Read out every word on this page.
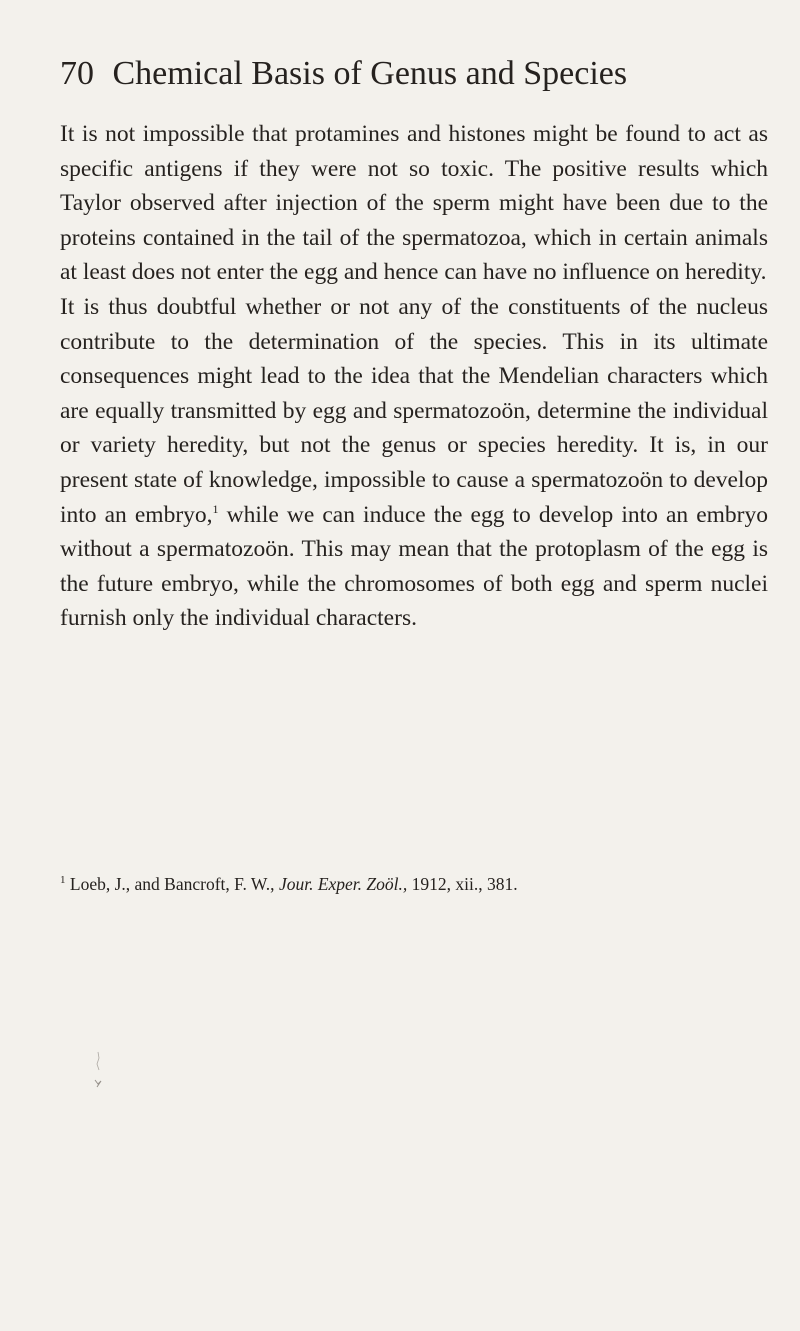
70 Chemical Basis of Genus and Species

It is not impossible that protamines and histones might be found to act as specific antigens if they were not so toxic. The positive results which Taylor observed after injection of the sperm might have been due to the proteins contained in the tail of the spermatozoa, which in certain animals at least does not enter the egg and hence can have no influence on heredity.

It is thus doubtful whether or not any of the constituents of the nucleus contribute to the determination of the species. This in its ultimate consequences might lead to the idea that the Mendelian characters which are equally transmitted by egg and spermatozoön, determine the individual or variety heredity, but not the genus or species heredity. It is, in our present state of knowledge, impossible to cause a spermatozoön to develop into an embryo,$^1$ while we can induce the egg to develop into an embryo without a spermatozoön. This may mean that the protoplasm of the egg is the future embryo, while the chromosomes of both egg and sperm nuclei furnish only the individual characters.

$^1$ Loeb, J., and Bancroft, F. W., Jour. Exper. Zoöl., 1912, xii., 381.
